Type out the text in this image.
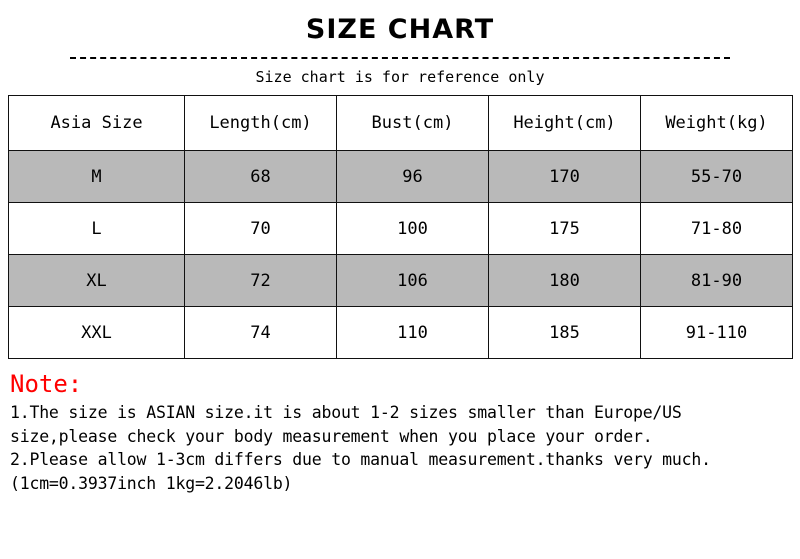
SIZE CHART
Size chart is for reference only
Asia Size	Length(cm)	Bust(cm)	Height(cm)	Weight(kg)
M	68	96	170	55-70
L	70	100	175	71-80
XL	72	106	180	81-90
XXL	74	110	185	91-110
Note:
1.The size is ASIAN size.it is about 1-2 sizes smaller than Europe/US size,please check your body measurement when you place your order.
2.Please allow 1-3cm differs due to manual measurement.thanks very much. (1cm=0.3937inch 1kg=2.2046lb)
